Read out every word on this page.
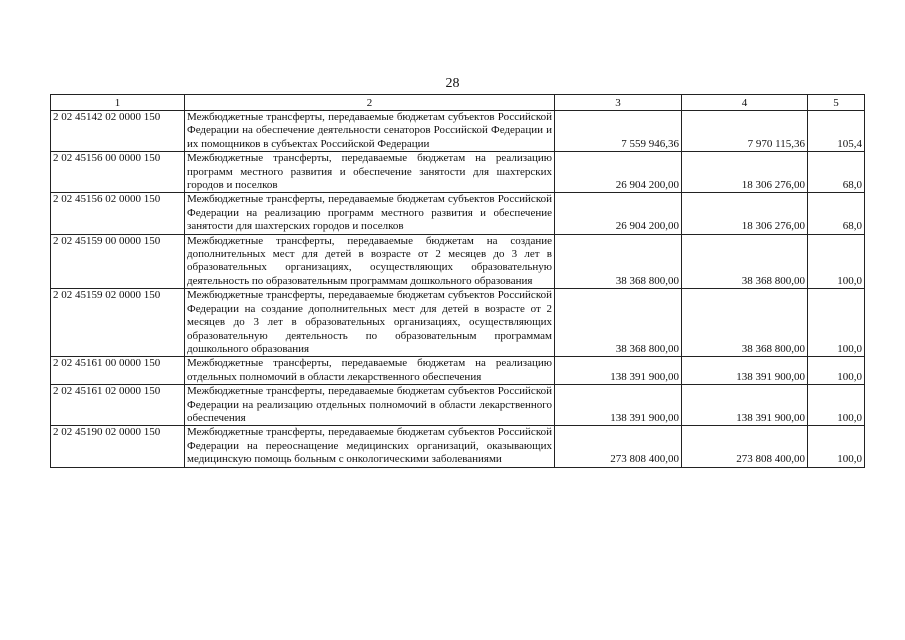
28
1	2	3	4	5
2 02 45142 02 0000 150	Межбюджетные трансферты, передаваемые бюджетам субъектов Российской Федерации на обеспечение деятельности сенаторов Российской Федерации и их помощников в субъектах Российской Федерации	7 559 946,36	7 970 115,36	105,4
2 02 45156 00 0000 150	Межбюджетные трансферты, передаваемые бюджетам на реализацию программ местного развития и обеспечение занятости для шахтерских городов и поселков	26 904 200,00	18 306 276,00	68,0
2 02 45156 02 0000 150	Межбюджетные трансферты, передаваемые бюджетам субъектов Российской Федерации на реализацию программ местного развития и обеспечение занятости для шахтерских городов и поселков	26 904 200,00	18 306 276,00	68,0
2 02 45159 00 0000 150	Межбюджетные трансферты, передаваемые бюджетам на создание дополнительных мест для детей в возрасте от 2 месяцев до 3 лет в образовательных организациях, осуществляющих образовательную деятельность по образовательным программам дошкольного образования	38 368 800,00	38 368 800,00	100,0
2 02 45159 02 0000 150	Межбюджетные трансферты, передаваемые бюджетам субъектов Российской Федерации на создание дополнительных мест для детей в возрасте от 2 месяцев до 3 лет в образовательных организациях, осуществляющих образовательную деятельность по образовательным программам дошкольного образования	38 368 800,00	38 368 800,00	100,0
2 02 45161 00 0000 150	Межбюджетные трансферты, передаваемые бюджетам на реализацию отдельных полномочий в области лекарственного обеспечения	138 391 900,00	138 391 900,00	100,0
2 02 45161 02 0000 150	Межбюджетные трансферты, передаваемые бюджетам субъектов Российской Федерации на реализацию отдельных полномочий в области лекарственного обеспечения	138 391 900,00	138 391 900,00	100,0
2 02 45190 02 0000 150	Межбюджетные трансферты, передаваемые бюджетам субъектов Российской Федерации на переоснащение медицинских организаций, оказывающих медицинскую помощь больным с онкологическими заболеваниями	273 808 400,00	273 808 400,00	100,0
